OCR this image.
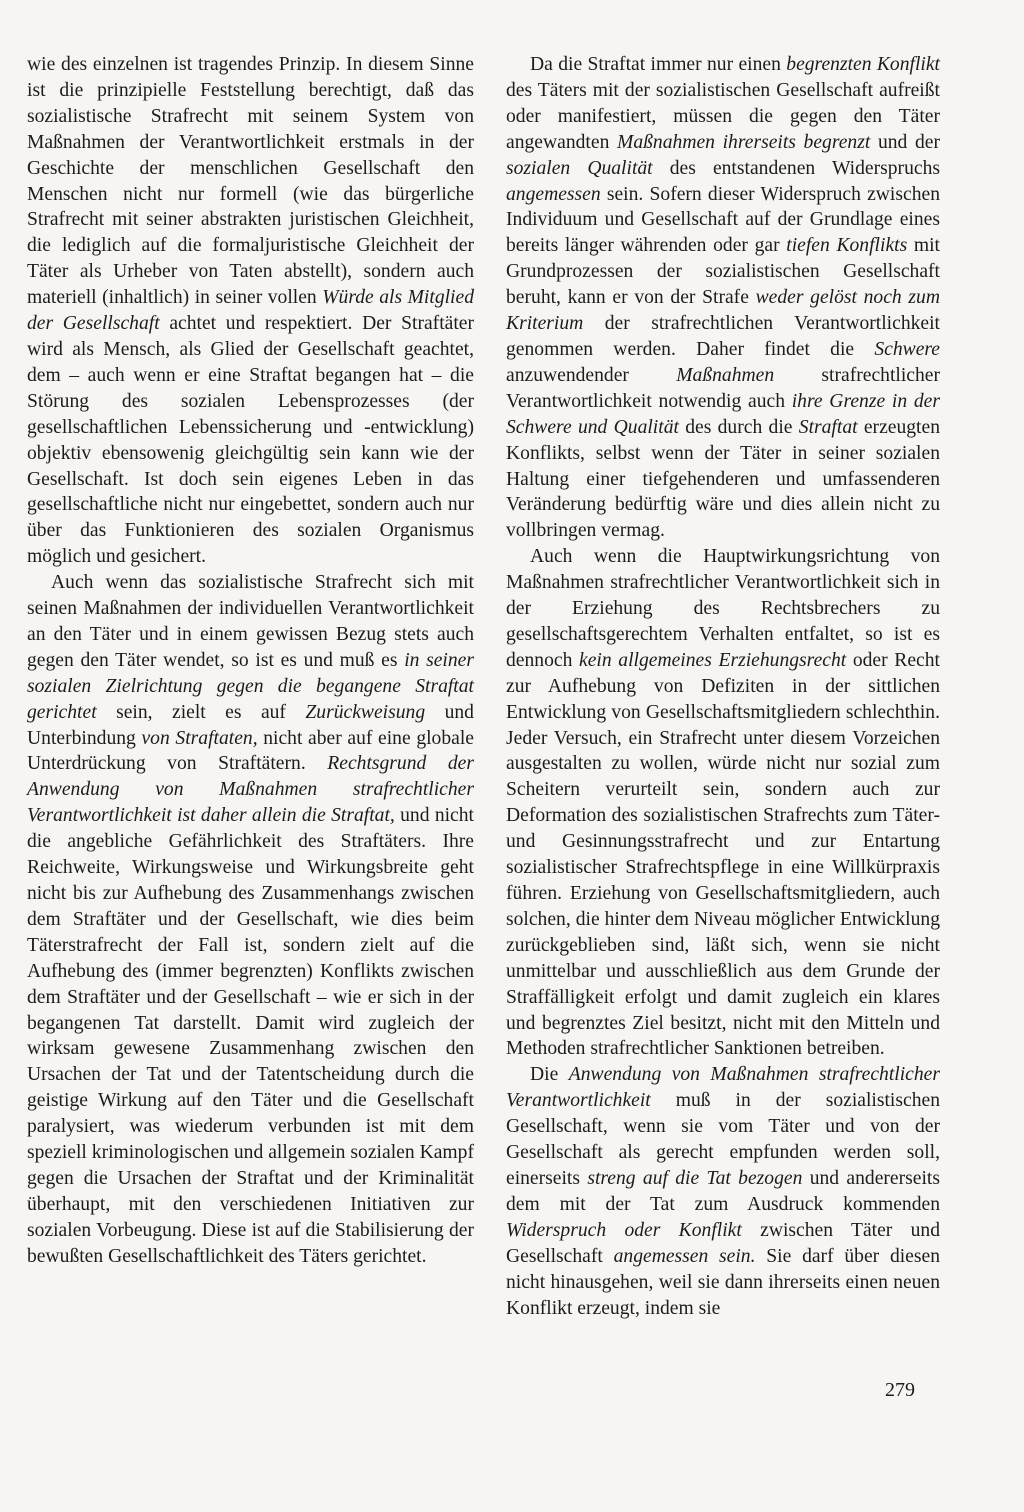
wie des einzelnen ist tragendes Prinzip. In diesem Sinne ist die prinzipielle Feststellung berechtigt, daß das sozialistische Strafrecht mit seinem System von Maßnahmen der Verantwortlichkeit erstmals in der Geschichte der menschlichen Gesellschaft den Menschen nicht nur formell (wie das bürgerliche Strafrecht mit seiner abstrakten juristischen Gleichheit, die lediglich auf die formaljuristische Gleichheit der Täter als Urheber von Taten abstellt), sondern auch materiell (inhaltlich) in seiner vollen Würde als Mitglied der Gesellschaft achtet und respektiert. Der Straftäter wird als Mensch, als Glied der Gesellschaft geachtet, dem – auch wenn er eine Straftat begangen hat – die Störung des sozialen Lebensprozesses (der gesellschaftlichen Lebenssicherung und -entwicklung) objektiv ebensowenig gleichgültig sein kann wie der Gesellschaft. Ist doch sein eigenes Leben in das gesellschaftliche nicht nur eingebettet, sondern auch nur über das Funktionieren des sozialen Organismus möglich und gesichert.

Auch wenn das sozialistische Strafrecht sich mit seinen Maßnahmen der individuellen Verantwortlichkeit an den Täter und in einem gewissen Bezug stets auch gegen den Täter wendet, so ist es und muß es in seiner sozialen Zielrichtung gegen die begangene Straftat gerichtet sein, zielt es auf Zurückweisung und Unterbindung von Straftaten, nicht aber auf eine globale Unterdrückung von Straftätern. Rechtsgrund der Anwendung von Maßnahmen strafrechtlicher Verantwortlichkeit ist daher allein die Straftat, und nicht die angebliche Gefährlichkeit des Straftäters. Ihre Reichweite, Wirkungsweise und Wirkungsbreite geht nicht bis zur Aufhebung des Zusammenhangs zwischen dem Straftäter und der Gesellschaft, wie dies beim Täterstrafrecht der Fall ist, sondern zielt auf die Aufhebung des (immer begrenzten) Konflikts zwischen dem Straftäter und der Gesellschaft – wie er sich in der begangenen Tat darstellt. Damit wird zugleich der wirksam gewesene Zusammenhang zwischen den Ursachen der Tat und der Tatentscheidung durch die geistige Wirkung auf den Täter und die Gesellschaft paralysiert, was wiederum verbunden ist mit dem speziell kriminologischen und allgemein sozialen Kampf gegen die Ursachen der Straftat und der Kriminalität überhaupt, mit den verschiedenen Initiativen zur sozialen Vorbeugung. Diese ist auf die Stabilisierung der bewußten Gesellschaftlichkeit des Täters gerichtet.

Da die Straftat immer nur einen begrenzten Konflikt des Täters mit der sozialistischen Gesellschaft aufreißt oder manifestiert, müssen die gegen den Täter angewandten Maßnahmen ihrerseits begrenzt und der sozialen Qualität des entstandenen Widerspruchs angemessen sein. Sofern dieser Widerspruch zwischen Individuum und Gesellschaft auf der Grundlage eines bereits länger währenden oder gar tiefen Konflikts mit Grundprozessen der sozialistischen Gesellschaft beruht, kann er von der Strafe weder gelöst noch zum Kriterium der strafrechtlichen Verantwortlichkeit genommen werden. Daher findet die Schwere anzuwendender Maßnahmen strafrechtlicher Verantwortlichkeit notwendig auch ihre Grenze in der Schwere und Qualität des durch die Straftat erzeugten Konflikts, selbst wenn der Täter in seiner sozialen Haltung einer tiefgehenderen und umfassenderen Veränderung bedürftig wäre und dies allein nicht zu vollbringen vermag.

Auch wenn die Hauptwirkungsrichtung von Maßnahmen strafrechtlicher Verantwortlichkeit sich in der Erziehung des Rechtsbrechers zu gesellschaftsgerechtem Verhalten entfaltet, so ist es dennoch kein allgemeines Erziehungsrecht oder Recht zur Aufhebung von Defiziten in der sittlichen Entwicklung von Gesellschaftsmitgliedern schlechthin. Jeder Versuch, ein Strafrecht unter diesem Vorzeichen ausgestalten zu wollen, würde nicht nur sozial zum Scheitern verurteilt sein, sondern auch zur Deformation des sozialistischen Strafrechts zum Täter- und Gesinnungsstrafrecht und zur Entartung sozialistischer Strafrechtspflege in eine Willkürpraxis führen. Erziehung von Gesellschaftsmitgliedern, auch solchen, die hinter dem Niveau möglicher Entwicklung zurückgeblieben sind, läßt sich, wenn sie nicht unmittelbar und ausschließlich aus dem Grunde der Straffälligkeit erfolgt und damit zugleich ein klares und begrenztes Ziel besitzt, nicht mit den Mitteln und Methoden strafrechtlicher Sanktionen betreiben.

Die Anwendung von Maßnahmen strafrechtlicher Verantwortlichkeit muß in der sozialistischen Gesellschaft, wenn sie vom Täter und von der Gesellschaft als gerecht empfunden werden soll, einerseits streng auf die Tat bezogen und andererseits dem mit der Tat zum Ausdruck kommenden Widerspruch oder Konflikt zwischen Täter und Gesellschaft angemessen sein. Sie darf über diesen nicht hinausgehen, weil sie dann ihrerseits einen neuen Konflikt erzeugt, indem sie

279
